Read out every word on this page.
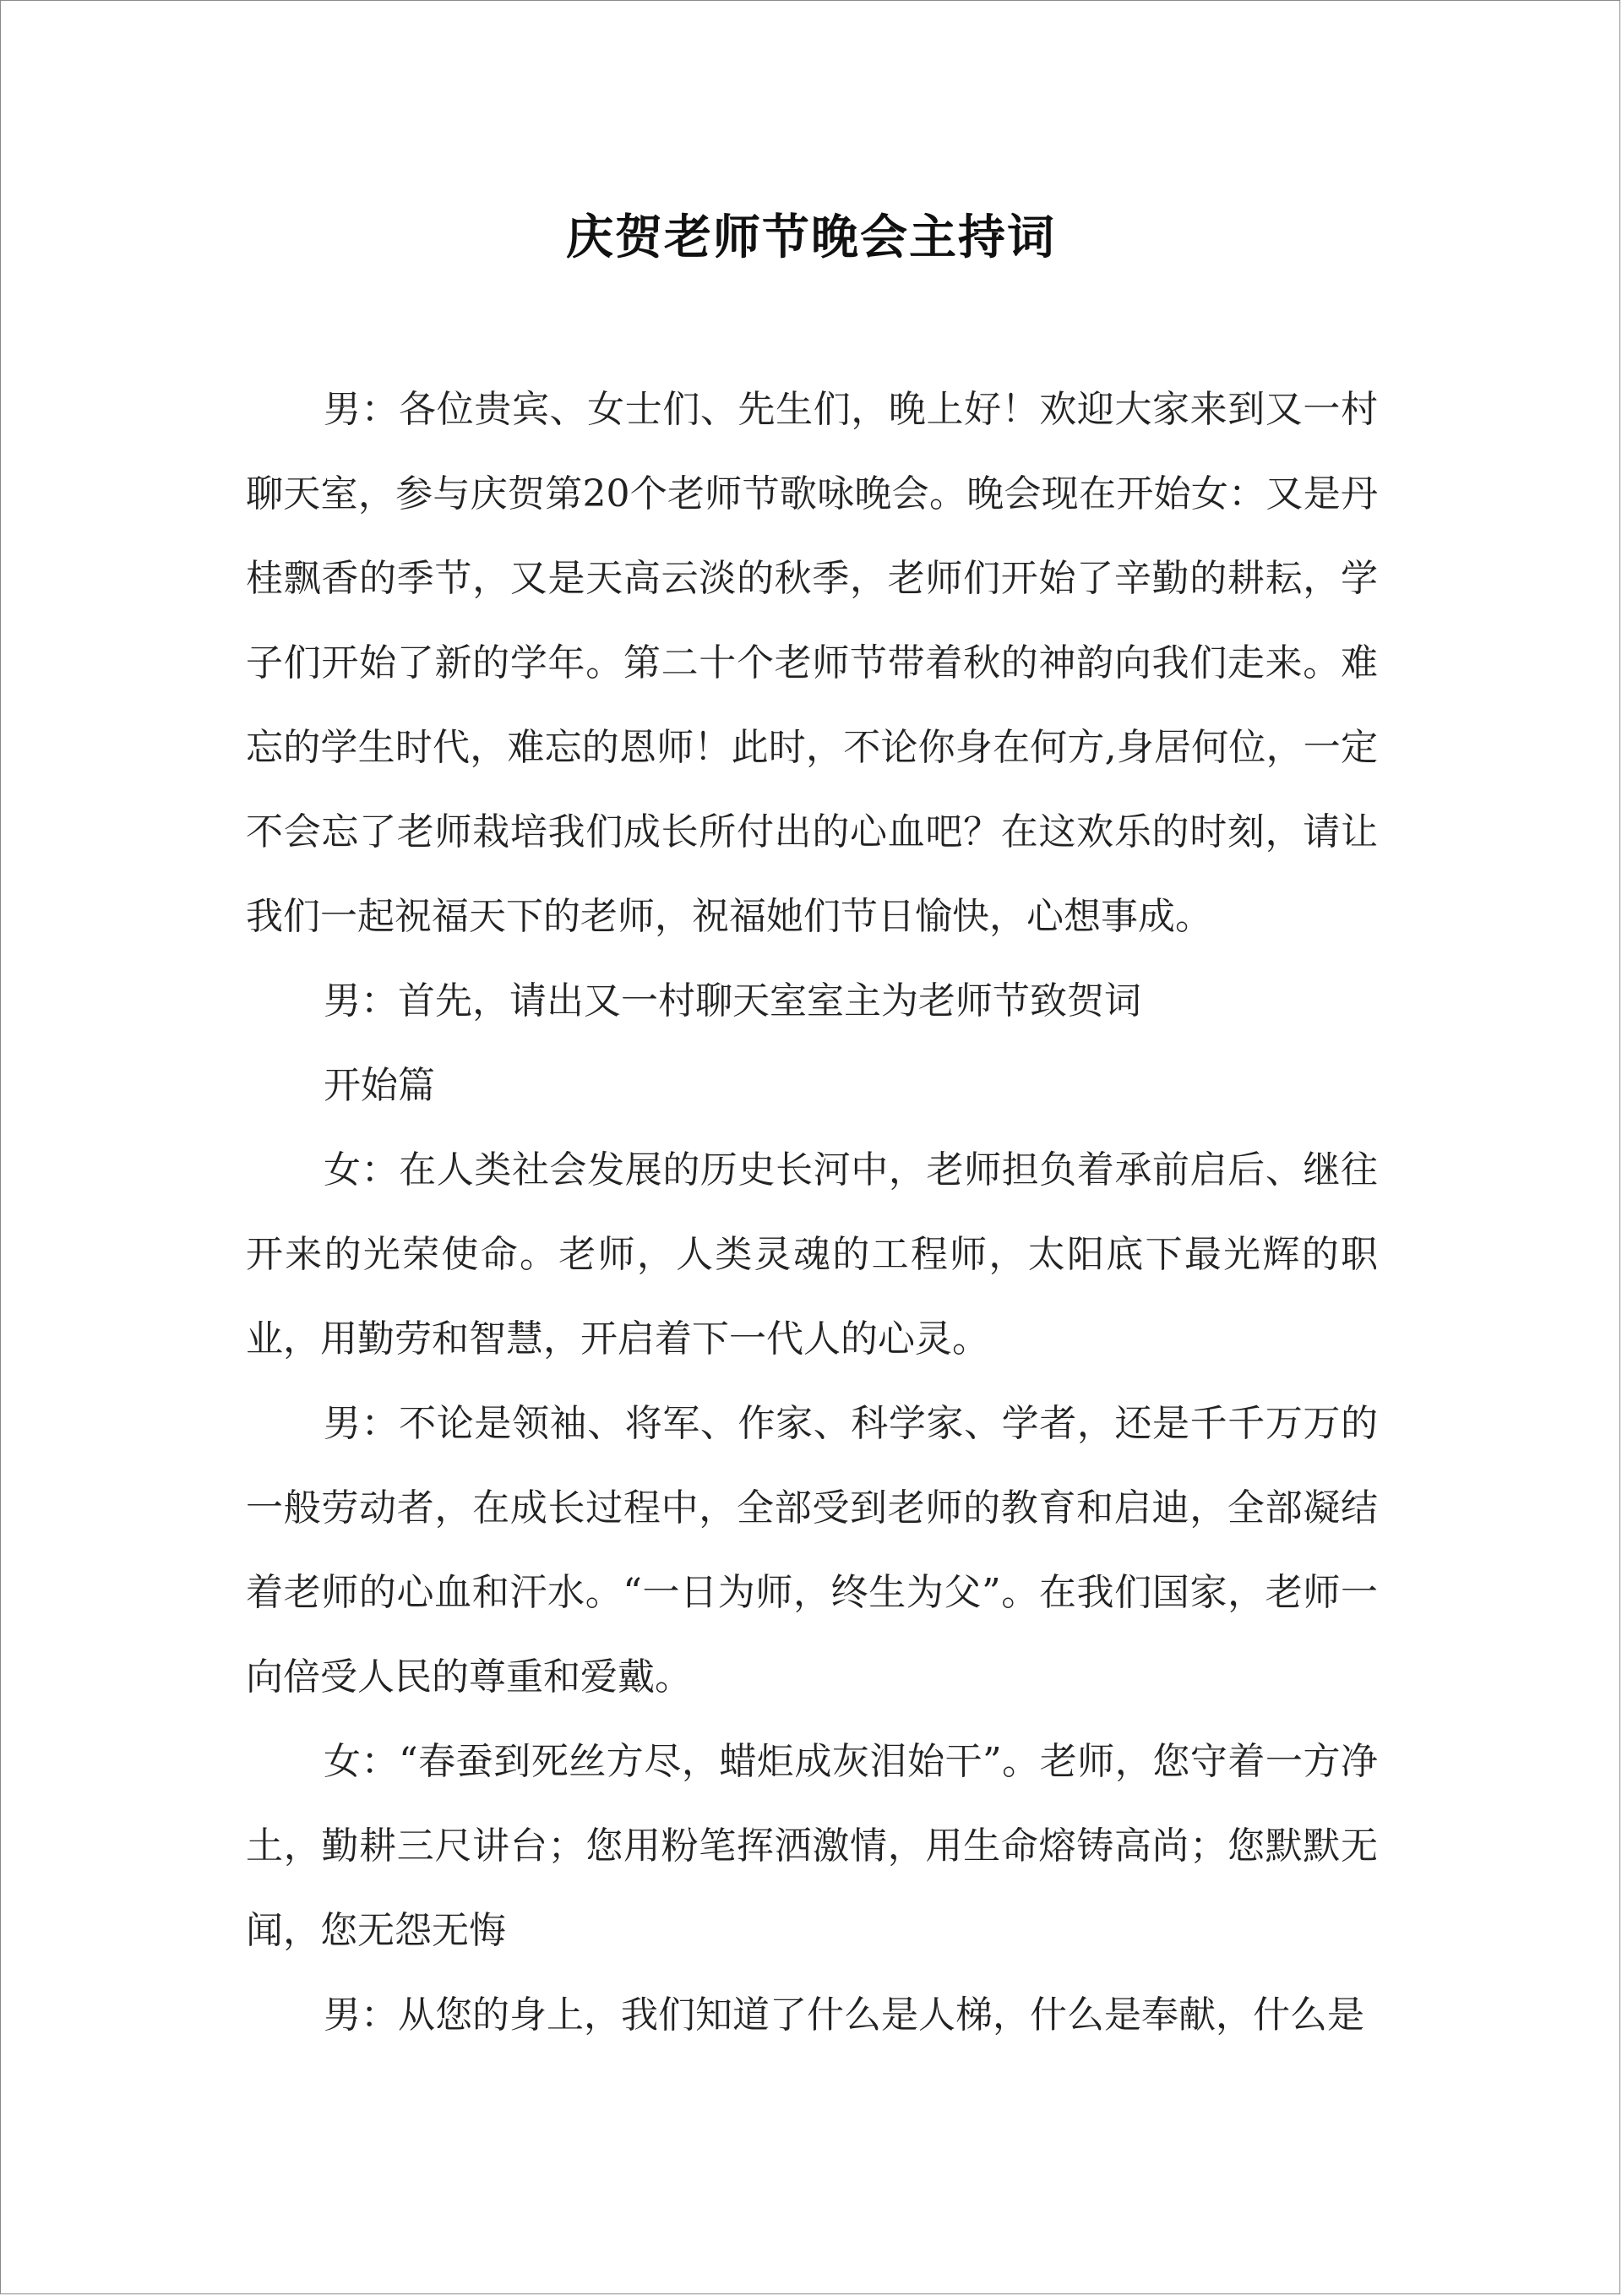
庆贺老师节晚会主持词

男：各位贵宾、女士们、先生们，晚上好！欢迎大家来到又一村聊天室，参与庆贺第20个老师节歌咏晚会。晚会现在开始女：又是丹桂飘香的季节，又是天高云淡的秋季，老师们开始了辛勤的耕耘，学子们开始了新的学年。第二十个老师节带着秋的神韵向我们走来。难忘的学生时代，难忘的恩师！此时，不论你身在何方,身居何位，一定不会忘了老师栽培我们成长所付出的心血吧？在这欢乐的时刻，请让我们一起祝福天下的老师，祝福她们节日愉快，心想事成。

男：首先，请出又一村聊天室室主为老师节致贺词

开始篇

女：在人类社会发展的历史长河中，老师担负着承前启后、继往开来的光荣使命。老师，人类灵魂的工程师，太阳底下最光辉的职业，用勤劳和智慧，开启着下一代人的心灵。

男：不论是领袖、将军、作家、科学家、学者，还是千千万万的一般劳动者，在成长过程中，全部受到老师的教育和启迪，全部凝结着老师的心血和汗水。“一日为师，终生为父”。在我们国家，老师一向倍受人民的尊重和爱戴。

女：“春蚕到死丝方尽，蜡炬成灰泪始干”。老师，您守着一方净土，勤耕三尺讲台；您用粉笔挥洒激情，用生命熔铸高尚；您默默无闻，您无怨无悔

男：从您的身上，我们知道了什么是人梯，什么是奉献，什么是
